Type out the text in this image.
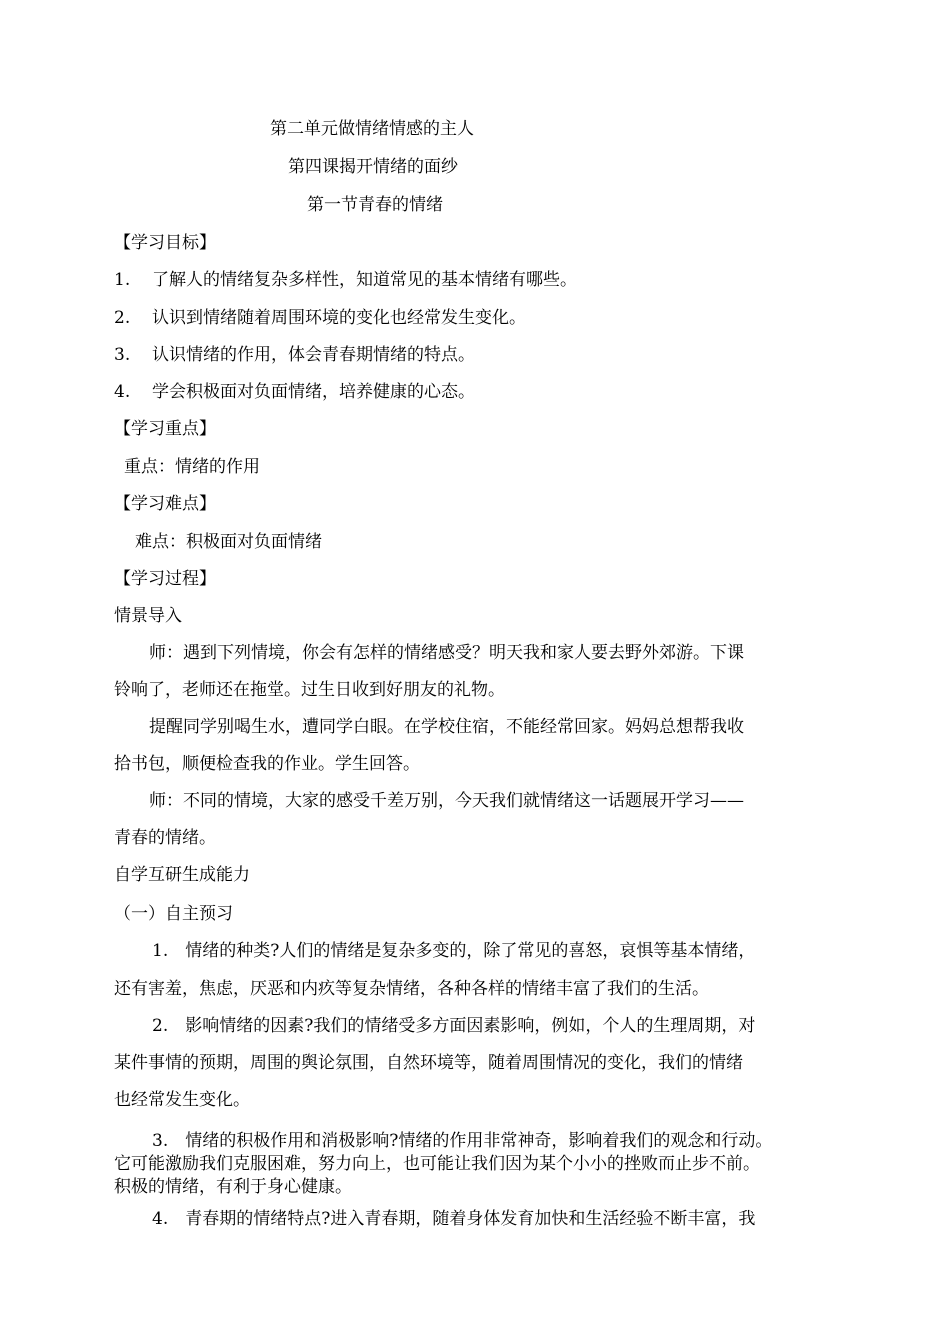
第二单元做情绪情感的主人
第四课揭开情绪的面纱
第一节青春的情绪
【学习目标】
1. 了解人的情绪复杂多样性，知道常见的基本情绪有哪些。
2. 认识到情绪随着周围环境的变化也经常发生变化。
3. 认识情绪的作用，体会青春期情绪的特点。
4. 学会积极面对负面情绪，培养健康的心态。
【学习重点】
重点：情绪的作用
【学习难点】
难点：积极面对负面情绪
【学习过程】
情景导入
师：遇到下列情境，你会有怎样的情绪感受？明天我和家人要去野外郊游。下课
铃响了，老师还在拖堂。过生日收到好朋友的礼物。
提醒同学别喝生水，遭同学白眼。在学校住宿，不能经常回家。妈妈总想帮我收
拾书包，顺便检查我的作业。学生回答。
师：不同的情境，大家的感受千差万别，今天我们就情绪这一话题展开学习——
青春的情绪。
自学互研生成能力
（一）自主预习
1.　情绪的种类?人们的情绪是复杂多变的，除了常见的喜怒，哀惧等基本情绪，
还有害羞，焦虑，厌恶和内疚等复杂情绪，各种各样的情绪丰富了我们的生活。
2.　影响情绪的因素?我们的情绪受多方面因素影响，例如，个人的生理周期，对
某件事情的预期，周围的舆论氛围，自然环境等，随着周围情况的变化，我们的情绪
也经常发生变化。
3.　情绪的积极作用和消极影响?情绪的作用非常神奇，影响着我们的观念和行动。
它可能激励我们克服困难，努力向上，也可能让我们因为某个小小的挫败而止步不前。
积极的情绪，有利于身心健康。
4.　青春期的情绪特点?进入青春期，随着身体发育加快和生活经验不断丰富，我
